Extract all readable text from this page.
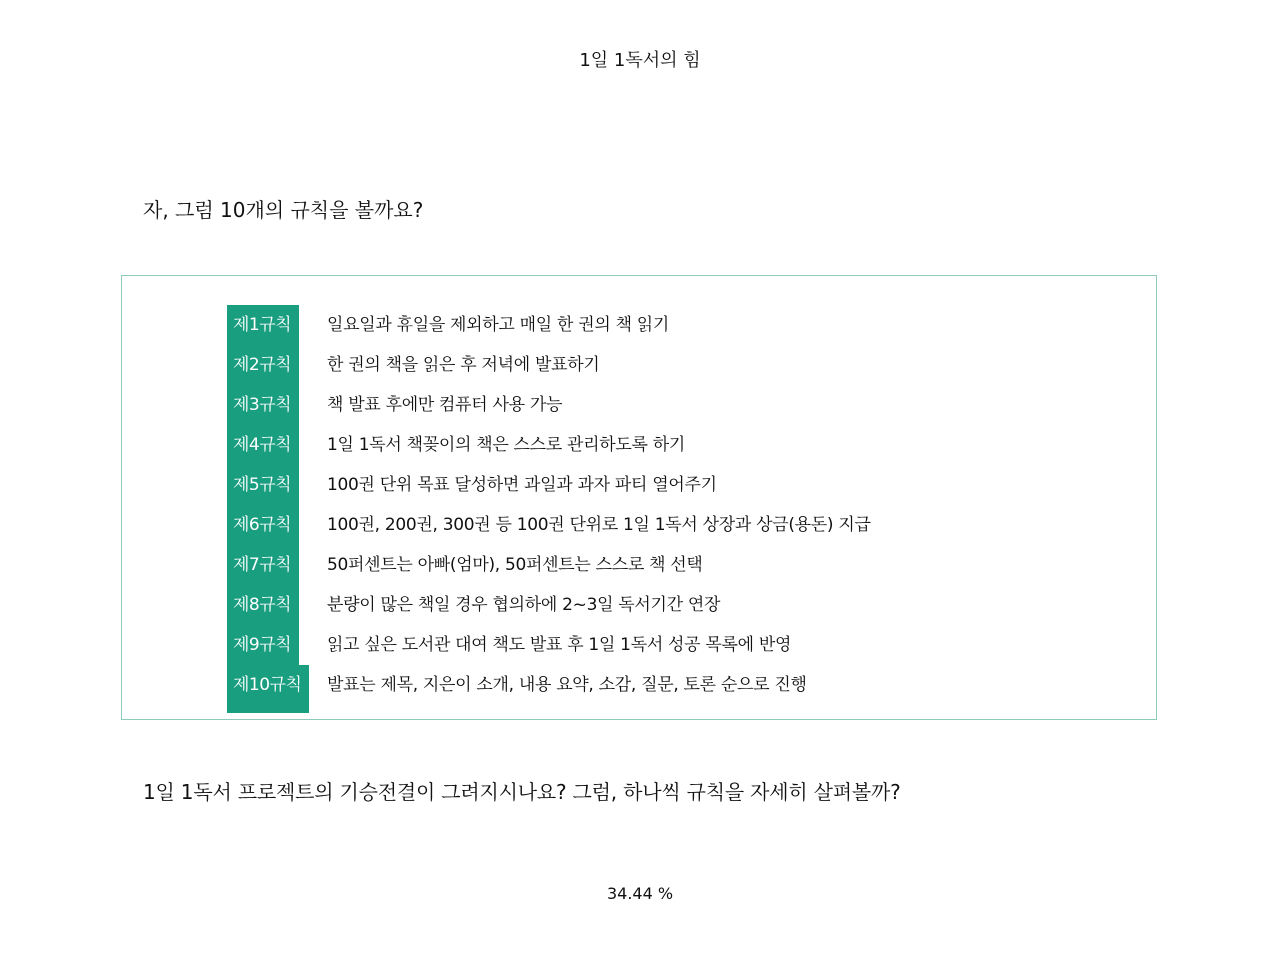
1일 1독서의 힘
자, 그럼 10개의 규칙을 볼까요?
제1규칙	일요일과 휴일을 제외하고 매일 한 권의 책 읽기
제2규칙	한 권의 책을 읽은 후 저녁에 발표하기
제3규칙	책 발표 후에만 컴퓨터 사용 가능
제4규칙	1일 1독서 책꽂이의 책은 스스로 관리하도록 하기
제5규칙	100권 단위 목표 달성하면 과일과 과자 파티 열어주기
제6규칙	100권, 200권, 300권 등 100권 단위로 1일 1독서 상장과 상금(용돈) 지급
제7규칙	50퍼센트는 아빠(엄마), 50퍼센트는 스스로 책 선택
제8규칙	분량이 많은 책일 경우 협의하에 2~3일 독서기간 연장
제9규칙	읽고 싶은 도서관 대여 책도 발표 후 1일 1독서 성공 목록에 반영
제10규칙	발표는 제목, 지은이 소개, 내용 요약, 소감, 질문, 토론 순으로 진행
1일 1독서 프로젝트의 기승전결이 그려지시나요? 그럼, 하나씩 규칙을 자세히 살펴볼까?
34.44 %
